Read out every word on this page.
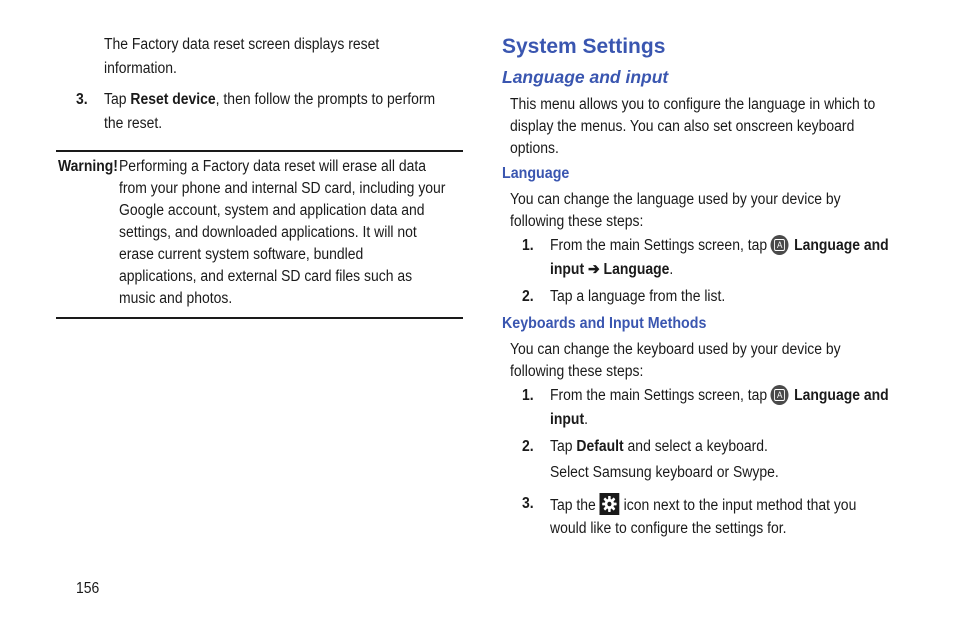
The Factory data reset screen displays reset
information.
3. Tap Reset device, then follow the prompts to perform
the reset.
Warning! Performing a Factory data reset will erase all data
from your phone and internal SD card, including your
Google account, system and application data and
settings, and downloaded applications. It will not
erase current system software, bundled
applications, and external SD card files such as
music and photos.
System Settings
Language and input
This menu allows you to configure the language in which to
display the menus. You can also set onscreen keyboard
options.
Language
You can change the language used by your device by
following these steps:
1. From the main Settings screen, tap A Language and
input ➔ Language.
2. Tap a language from the list.
Keyboards and Input Methods
You can change the keyboard used by your device by
following these steps:
1. From the main Settings screen, tap A Language and
input.
2. Tap Default and select a keyboard.
Select Samsung keyboard or Swype.
3. Tap the icon next to the input method that you
would like to configure the settings for.
156
